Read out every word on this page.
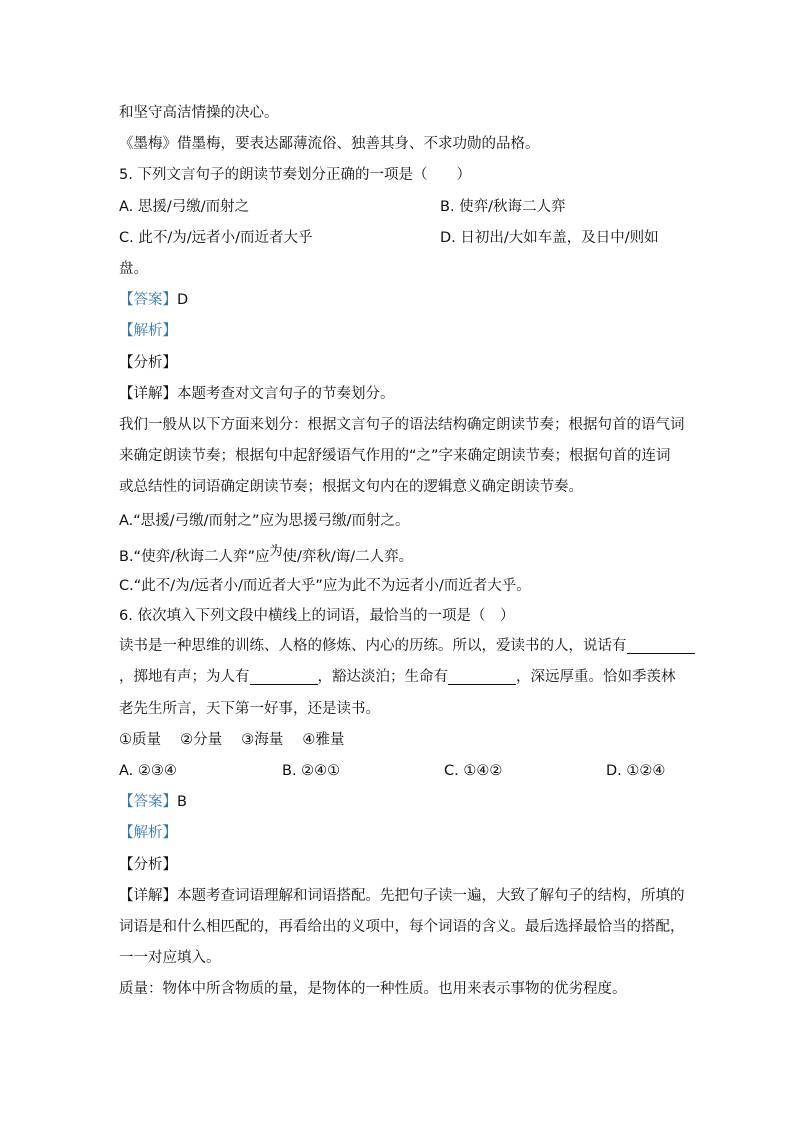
和坚守高洁情操的决心。
《墨梅》借墨梅，要表达鄙薄流俗、独善其身、不求功勋的品格。
5. 下列文言句子的朗读节奏划分正确的一项是（　　）
A. 思援/弓缴/而射之	B. 使弈/秋诲二人弈
C. 此不/为/远者小/而近者大乎	D. 日初出/大如车盖，及日中/则如
盘。
【答案】D
【解析】
【分析】
【详解】本题考查对文言句子的节奏划分。
我们一般从以下方面来划分：根据文言句子的语法结构确定朗读节奏；根据句首的语气词
来确定朗读节奏；根据句中起舒缓语气作用的“之”字来确定朗读节奏；根据句首的连词
或总结性的词语确定朗读节奏；根据文句内在的逻辑意义确定朗读节奏。
A.“思援/弓缴/而射之”应为思援弓缴/而射之。
B.“使弈/秋诲二人弈”应为使/弈秋/诲/二人弈。
C.“此不/为/远者小/而近者大乎”应为此不为远者小/而近者大乎。
6. 依次填入下列文段中横线上的词语，最恰当的一项是（　）
读书是一种思维的训练、人格的修炼、内心的历练。所以，爱读书的人，说话有
，掷地有声；为人有	，豁达淡泊；生命有	，深远厚重。恰如季羡林
老先生所言，天下第一好事，还是读书。
①质量　 ②分量　 ③海量　 ④雅量
A. ②③④	B. ②④①	C. ①④②	D. ①②④
【答案】B
【解析】
【分析】
【详解】本题考查词语理解和词语搭配。先把句子读一遍，大致了解句子的结构，所填的
词语是和什么相匹配的，再看给出的义项中，每个词语的含义。最后选择最恰当的搭配，
一一对应填入。
质量：物体中所含物质的量，是物体的一种性质。也用来表示事物的优劣程度。
